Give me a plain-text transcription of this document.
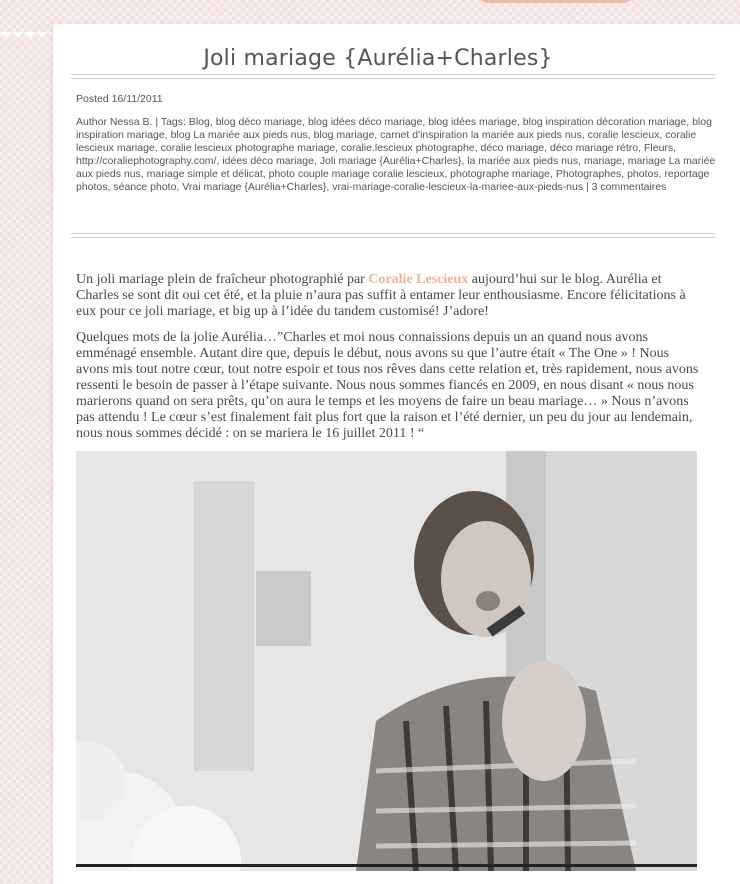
Joli mariage {Aurélia+Charles}
Posted 16/11/2011
Author Nessa B. | Tags: Blog, blog déco mariage, blog idées déco mariage, blog idées mariage, blog inspiration décoration mariage, blog inspiration mariage, blog La mariée aux pieds nus, blog mariage, carnet d'inspiration la mariée aux pieds nus, coralie lescieux, coralie lescieux mariage, coralie lescieux photographe mariage, coralie.lescieux photographe, déco mariage, déco mariage rétro, Fleurs, http://coraliephotography.com/, idées déco mariage, Joli mariage {Aurélia+Charles}, la mariée aux pieds nus, mariage, mariage La mariée aux pieds nus, mariage simple et délicat, photo couple mariage coralie lescieux, photographe mariage, Photographes, photos, reportage photos, séance photo, Vrai mariage {Aurélia+Charles}, vrai-mariage-coralie-lescieux-la-mariee-aux-pieds-nus | 3 commentaires

Un joli mariage plein de fraîcheur photographié par Coralie Lescieux aujourd’hui sur le blog. Aurélia et Charles se sont dit oui cet été, et la pluie n’aura pas suffit à entamer leur enthousiasme. Encore félicitations à eux pour ce joli mariage, et big up à l’idée du tandem customisé! J’adore!

Quelques mots de la jolie Aurélia…”Charles et moi nous connaissions depuis un an quand nous avons emménagé ensemble. Autant dire que, depuis le début, nous avons su que l’autre était « The One » ! Nous avons mis tout notre cœur, tout notre espoir et tous nos rêves dans cette relation et, très rapidement, nous avons ressenti le besoin de passer à l’étape suivante. Nous nous sommes fiancés en 2009, en nous disant « nous nous marierons quand on sera prêts, qu’on aura le temps et les moyens de faire un beau mariage… » Nous n’avons pas attendu ! Le cœur s’est finalement fait plus fort que la raison et l’été dernier, un peu du jour au lendemain, nous nous sommes décidé : on se mariera le 16 juillet 2011 ! “
